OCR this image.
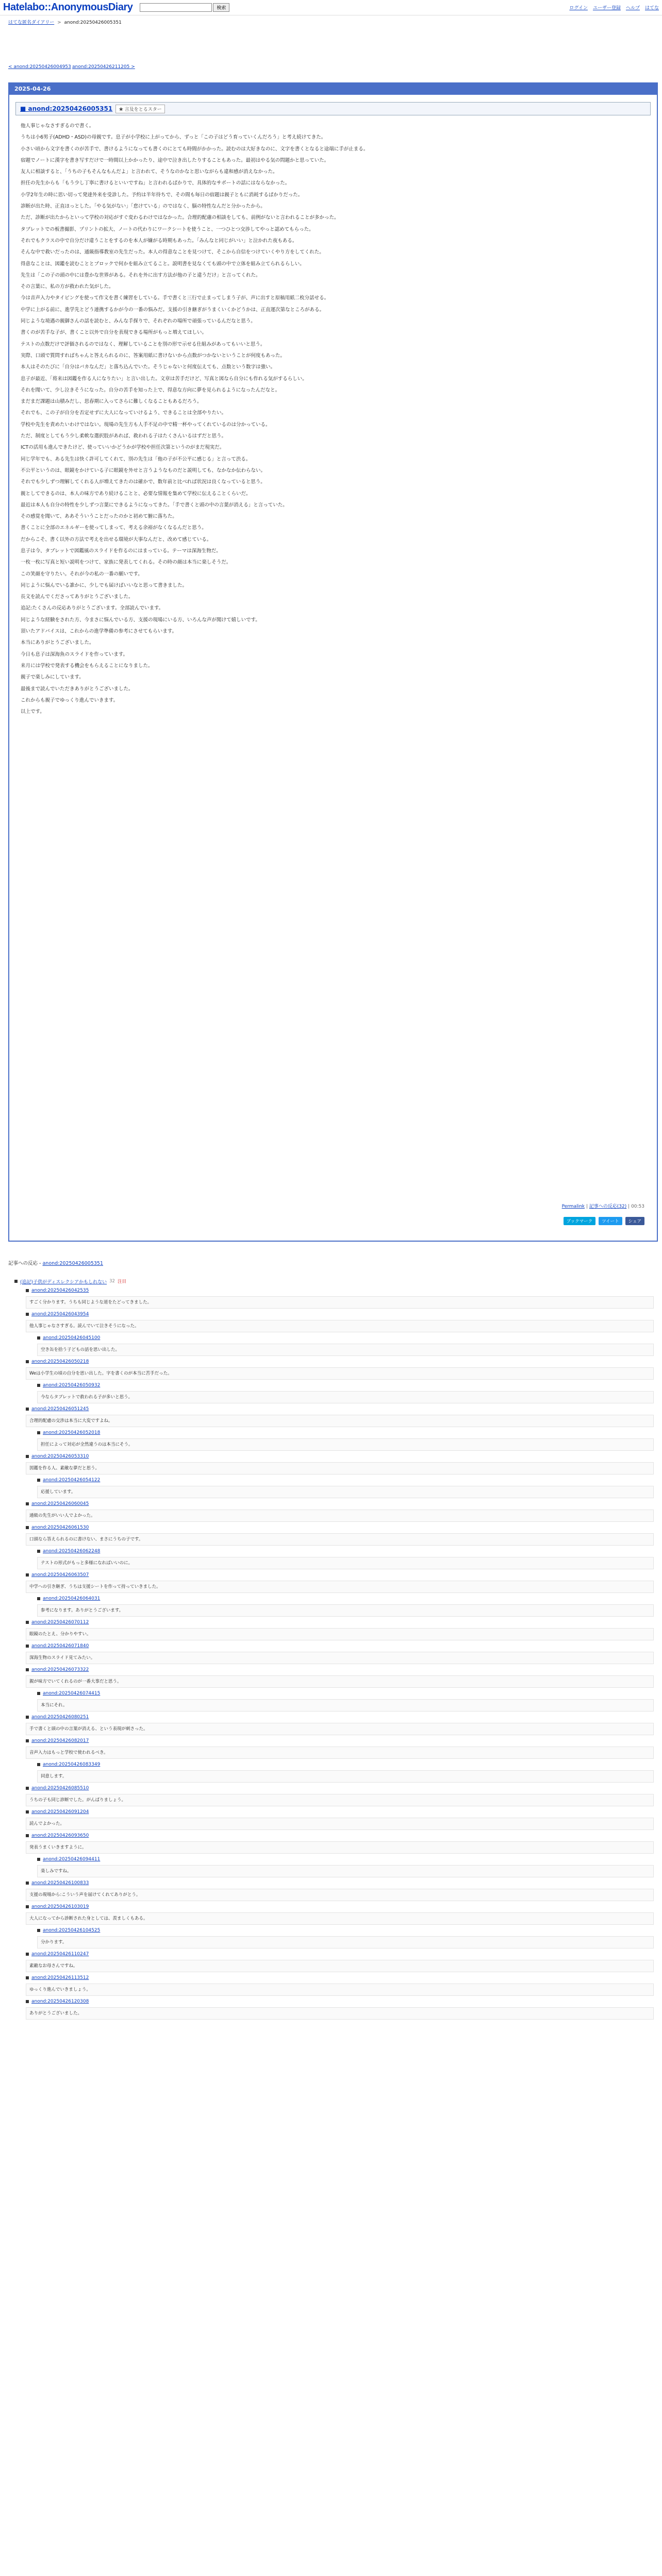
Hatelabo::AnonymousDiary	検索	ログイン ユーザー登録 ヘルプ はてな
はてな匿名ダイアリー > anond:20250426005351
< anond:20250426004953 anond:20250426211205 >
2025-04-26
■ anond:20250426005351	★ 言及をとるスター

他人事じゃなさすぎるので書く。

うちは小6男子(ADHD・ASD)の母親です。息子が小学校に上がってから、ずっと「この子はどう育っていくんだろう」と考え続けてきた。

小さい頃から文字を書くのが苦手で、書けるようになっても書くのにとても時間がかかった。読むのは大好きなのに、文字を書くとなると途端に手が止まる。

宿題でノートに漢字を書き写すだけで一時間以上かかったり、途中で泣き出したりすることもあった。最初はやる気の問題かと思っていた。

友人に相談すると、「うちの子もそんなもんだよ」と言われて、そうなのかなと思いながらも違和感が消えなかった。

担任の先生からも「もう少し丁寧に書けるといいですね」と言われるばかりで、具体的なサポートの話にはならなかった。

小学2年生の時に思い切って発達外来を受診した。予約は半年待ちで、その間も毎日の宿題は親子ともに消耗するばかりだった。

診断が出た時、正直ほっとした。「やる気がない」「怠けている」のではなく、脳の特性なんだと分かったから。

ただ、診断が出たからといって学校の対応がすぐ変わるわけではなかった。合理的配慮の相談をしても、前例がないと言われることが多かった。

タブレットでの板書撮影、プリントの拡大、ノートの代わりにワークシートを使うこと、一つひとつ交渉してやっと認めてもらった。

それでもクラスの中で自分だけ違うことをするのを本人が嫌がる時期もあった。「みんなと同じがいい」と泣かれた夜もある。

そんな中で救いだったのは、通級指導教室の先生だった。本人の得意なことを見つけて、そこから自信をつけていくやり方をしてくれた。

得意なことは、図鑑を読むこととブロックで何かを組み立てること。説明書を見なくても頭の中で立体を組み立てられるらしい。

先生は「この子の頭の中には豊かな世界がある。それを外に出す方法が他の子と違うだけ」と言ってくれた。

その言葉に、私の方が救われた気がした。

今は音声入力やタイピングを使って作文を書く練習をしている。手で書くと三行で止まってしまう子が、声に出すと原稿用紙二枚分話せる。

中学に上がる前に、進学先とどう連携するかが今の一番の悩みだ。支援の引き継ぎがうまくいくかどうかは、正直運次第なところがある。

同じような境遇の親御さんの話を読むと、みんな手探りで、それぞれの場所で頑張っているんだなと思う。

書くのが苦手な子が、書くこと以外で自分を表現できる場所がもっと増えてほしい。

テストの点数だけで評価されるのではなく、理解していることを別の形で示せる仕組みがあってもいいと思う。

実際、口頭で質問すればちゃんと答えられるのに、答案用紙に書けないから点数がつかないということが何度もあった。

本人はそのたびに「自分はバカなんだ」と落ち込んでいた。そうじゃないと何度伝えても、点数という数字は強い。

息子が最近、「将来は図鑑を作る人になりたい」と言い出した。文章は苦手だけど、写真と図なら自分にも作れる気がするらしい。

それを聞いて、少し泣きそうになった。自分の苦手を知った上で、得意な方向に夢を見られるようになったんだなと。

まだまだ課題は山積みだし、思春期に入ってさらに難しくなることもあるだろう。

それでも、この子が自分を否定せずに大人になっていけるよう、できることは全部やりたい。

学校や先生を責めたいわけではない。現場の先生方も人手不足の中で精一杯やってくれているのは分かっている。

ただ、制度としてもう少し柔軟な選択肢があれば、救われる子はたくさんいるはずだと思う。

ICTの活用も進んできたけど、使っていいかどうかが学校や担任次第というのがまだ現実だ。

同じ学年でも、ある先生は快く許可してくれて、別の先生は「他の子が不公平に感じる」と言って渋る。

不公平というのは、眼鏡をかけている子に眼鏡を外せと言うようなものだと説明しても、なかなか伝わらない。

それでも少しずつ理解してくれる人が増えてきたのは確かで、数年前と比べれば状況は良くなっていると思う。

親としてできるのは、本人の味方であり続けることと、必要な情報を集めて学校に伝えることくらいだ。

最近は本人も自分の特性を少しずつ言葉にできるようになってきた。「手で書くと頭の中の言葉が消える」と言っていた。

その感覚を聞いて、ああそういうことだったのかと初めて腑に落ちた。

書くことに全部のエネルギーを使ってしまって、考える余裕がなくなるんだと思う。

だからこそ、書く以外の方法で考えを出せる環境が大事なんだと、改めて感じている。

息子は今、タブレットで図鑑風のスライドを作るのにはまっている。テーマは深海生物だ。

一枚一枚に写真と短い説明をつけて、家族に発表してくれる。その時の顔は本当に楽しそうだ。

この笑顔を守りたい。それが今の私の一番の願いです。

同じように悩んでいる誰かに、少しでも届けばいいなと思って書きました。

長文を読んでくださってありがとうございました。

追記:たくさんの反応ありがとうございます。全部読んでいます。

同じような経験をされた方、今まさに悩んでいる方、支援の現場にいる方、いろんな声が聞けて嬉しいです。

頂いたアドバイスは、これからの進学準備の参考にさせてもらいます。

本当にありがとうございました。

今日も息子は深海魚のスライドを作っています。

来月には学校で発表する機会をもらえることになりました。

親子で楽しみにしています。

最後まで読んでいただきありがとうございました。

これからも親子でゆっくり進んでいきます。

以上です。

Permalink | 記事への反応(32) | 00:53
ブックマーク	ツイート	シェア
記事への反応 - anond:20250426005351
(追記)子供がディスレクシアかもしれない 32 注目
anond:20250426042535
すごく分かります。うちも同じような道をたどってきました。
anond:20250426043954
他人事じゃなさすぎる。読んでいて泣きそうになった。
anond:20250426045100
空き缶を拾う子どもの話を思い出した。
anond:20250426050218
Weは小学生の頃の自分を思い出した。字を書くのが本当に苦手だった。
anond:20250426050932
今ならタブレットで救われる子が多いと思う。
anond:20250426051245
合理的配慮の交渉は本当に大変ですよね。
anond:20250426052018
担任によって対応が全然違うのは本当にそう。
anond:20250426053310
図鑑を作る人、素敵な夢だと思う。
anond:20250426054122
応援しています。
anond:20250426060045
通級の先生がいい人でよかった。
anond:20250426061530
口頭なら答えられるのに書けない、まさにうちの子です。
anond:20250426062248
テストの形式がもっと多様になればいいのに。
anond:20250426063507
中学への引き継ぎ、うちは支援シートを作って持っていきました。
anond:20250426064031
参考になります。ありがとうございます。
anond:20250426070112
眼鏡のたとえ、分かりやすい。
anond:20250426071840
深海生物のスライド見てみたい。
anond:20250426073322
親が味方でいてくれるのが一番大事だと思う。
anond:20250426074415
本当にそれ。
anond:20250426080251
手で書くと頭の中の言葉が消える、という表現が刺さった。
anond:20250426082017
音声入力はもっと学校で使われるべき。
anond:20250426083349
同意します。
anond:20250426085510
うちの子も同じ診断でした。がんばりましょう。
anond:20250426091204
読んでよかった。
anond:20250426093650
発表うまくいきますように。
anond:20250426094411
楽しみですね。
anond:20250426100833
支援の現場から:こういう声を届けてくれてありがとう。
anond:20250426103019
大人になってから診断された身としては、羨ましくもある。
anond:20250426104525
分かります。
anond:20250426110247
素敵なお母さんですね。
anond:20250426113512
ゆっくり進んでいきましょう。
anond:20250426120308
ありがとうございました。
